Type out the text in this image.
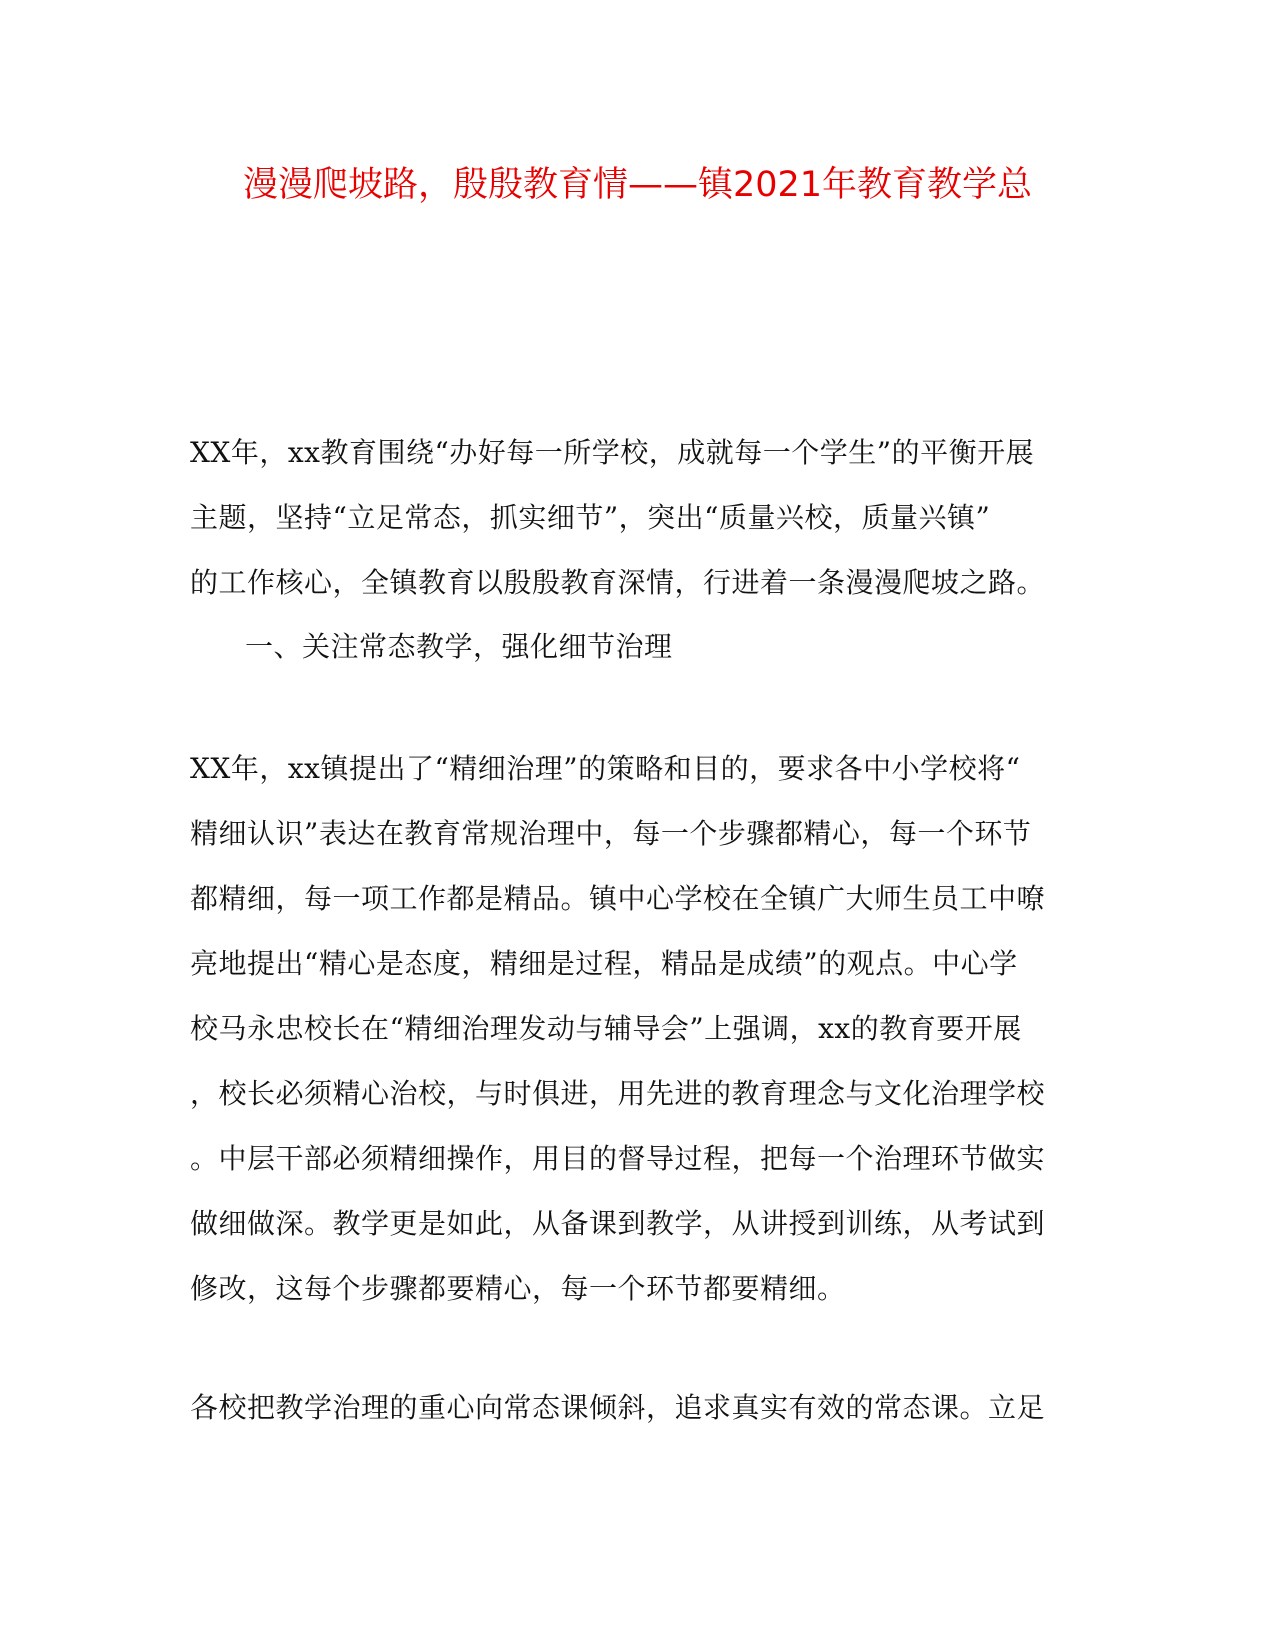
漫漫爬坡路，殷殷教育情——镇2021年教育教学总

XX年，xx教育围绕“办好每一所学校，成就每一个学生”的平衡开展
主题，坚持“立足常态，抓实细节”，突出“质量兴校，质量兴镇”
的工作核心，全镇教育以殷殷教育深情，行进着一条漫漫爬坡之路。

一、关注常态教学，强化细节治理

XX年，xx镇提出了“精细治理”的策略和目的，要求各中小学校将“
精细认识”表达在教育常规治理中，每一个步骤都精心，每一个环节
都精细，每一项工作都是精品。镇中心学校在全镇广大师生员工中嘹
亮地提出“精心是态度，精细是过程，精品是成绩”的观点。中心学
校马永忠校长在“精细治理发动与辅导会”上强调，xx的教育要开展
，校长必须精心治校，与时俱进，用先进的教育理念与文化治理学校
。中层干部必须精细操作，用目的督导过程，把每一个治理环节做实
做细做深。教学更是如此，从备课到教学，从讲授到训练，从考试到
修改，这每个步骤都要精心，每一个环节都要精细。

各校把教学治理的重心向常态课倾斜，追求真实有效的常态课。立足
